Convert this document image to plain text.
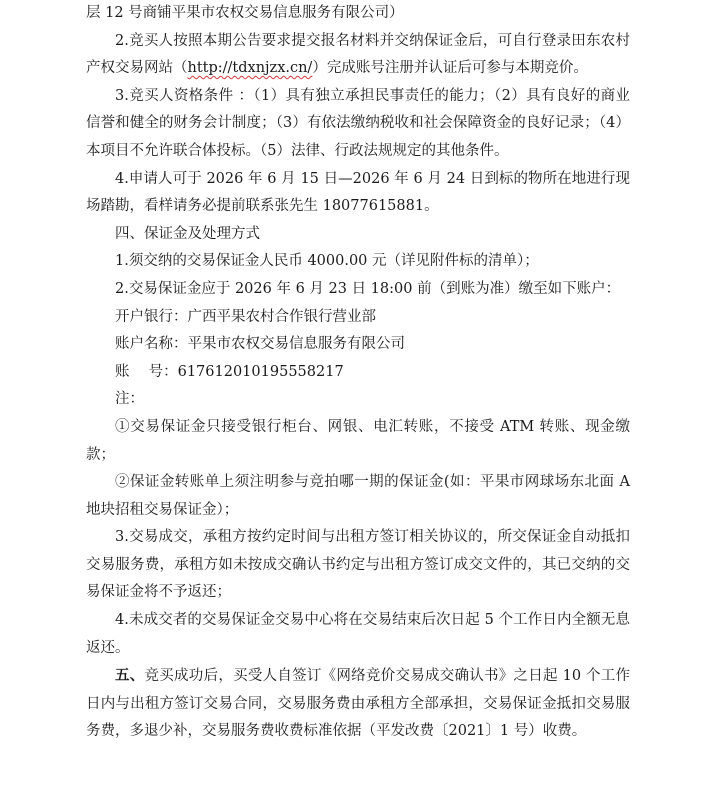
层 12 号商铺平果市农权交易信息服务有限公司）

2.竞买人按照本期公告要求提交报名材料并交纳保证金后，可自行登录田东农村产权交易网站（http://tdxnjzx.cn/）完成账号注册并认证后可参与本期竞价。

3.竞买人资格条件 ：（1）具有独立承担民事责任的能力；（2）具有良好的商业信誉和健全的财务会计制度；（3）有依法缴纳税收和社会保障资金的良好记录；（4）本项目不允许联合体投标。（5）法律、行政法规规定的其他条件。

4.申请人可于 2026 年 6 月 15 日—2026 年 6 月 24 日到标的物所在地进行现场踏勘，看样请务必提前联系张先生 18077615881。

四、保证金及处理方式

1.须交纳的交易保证金人民币 4000.00 元（详见附件标的清单）；

2.交易保证金应于 2026 年 6 月 23 日 18:00 前（到账为准）缴至如下账户：

开户银行：广西平果农村合作银行营业部

账户名称：平果市农权交易信息服务有限公司

账　 号：617612010195558217

注：

①交易保证金只接受银行柜台、网银、电汇转账，不接受 ATM 转账、现金缴款；

②保证金转账单上须注明参与竞拍哪一期的保证金(如：平果市网球场东北面 A 地块招租交易保证金）；

3.交易成交，承租方按约定时间与出租方签订相关协议的，所交保证金自动抵扣交易服务费，承租方如未按成交确认书约定与出租方签订成交文件的，其已交纳的交易保证金将不予返还；

4.未成交者的交易保证金交易中心将在交易结束后次日起 5 个工作日内全额无息返还。

五、竞买成功后，买受人自签订《网络竞价交易成交确认书》之日起 10 个工作日内与出租方签订交易合同，交易服务费由承租方全部承担，交易保证金抵扣交易服务费，多退少补，交易服务费收费标准依据（平发改费〔2021〕1 号）收费。
